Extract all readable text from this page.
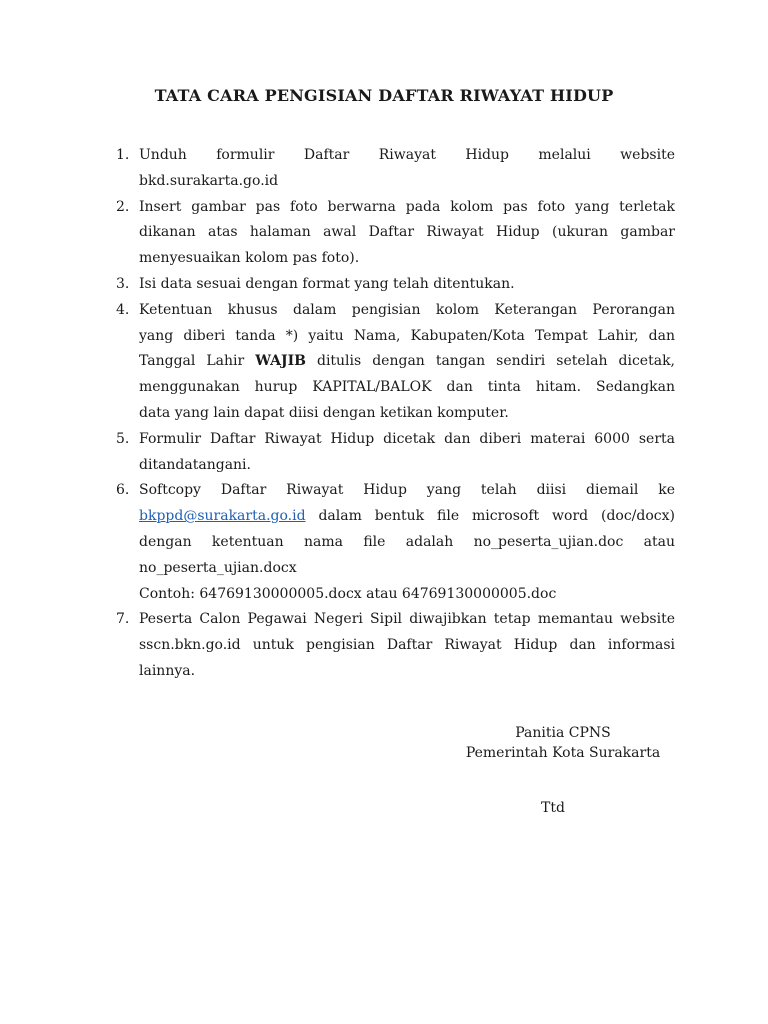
TATA CARA PENGISIAN DAFTAR RIWAYAT HIDUP
1. Unduh formulir Daftar Riwayat Hidup melalui website
bkd.surakarta.go.id
2. Insert gambar pas foto berwarna pada kolom pas foto yang terletak
dikanan atas halaman awal Daftar Riwayat Hidup (ukuran gambar
menyesuaikan kolom pas foto).
3. Isi data sesuai dengan format yang telah ditentukan.
4. Ketentuan khusus dalam pengisian kolom Keterangan Perorangan
yang diberi tanda *) yaitu Nama, Kabupaten/Kota Tempat Lahir, dan
Tanggal Lahir WAJIB ditulis dengan tangan sendiri setelah dicetak,
menggunakan hurup KAPITAL/BALOK dan tinta hitam. Sedangkan
data yang lain dapat diisi dengan ketikan komputer.
5. Formulir Daftar Riwayat Hidup dicetak dan diberi materai 6000 serta
ditandatangani.
6. Softcopy Daftar Riwayat Hidup yang telah diisi diemail ke
bkppd@surakarta.go.id dalam bentuk file microsoft word (doc/docx)
dengan ketentuan nama file adalah no_peserta_ujian.doc atau
no_peserta_ujian.docx
Contoh: 64769130000005.docx atau 64769130000005.doc
7. Peserta Calon Pegawai Negeri Sipil diwajibkan tetap memantau website
sscn.bkn.go.id untuk pengisian Daftar Riwayat Hidup dan informasi
lainnya.
Panitia CPNS
Pemerintah Kota Surakarta
Ttd
